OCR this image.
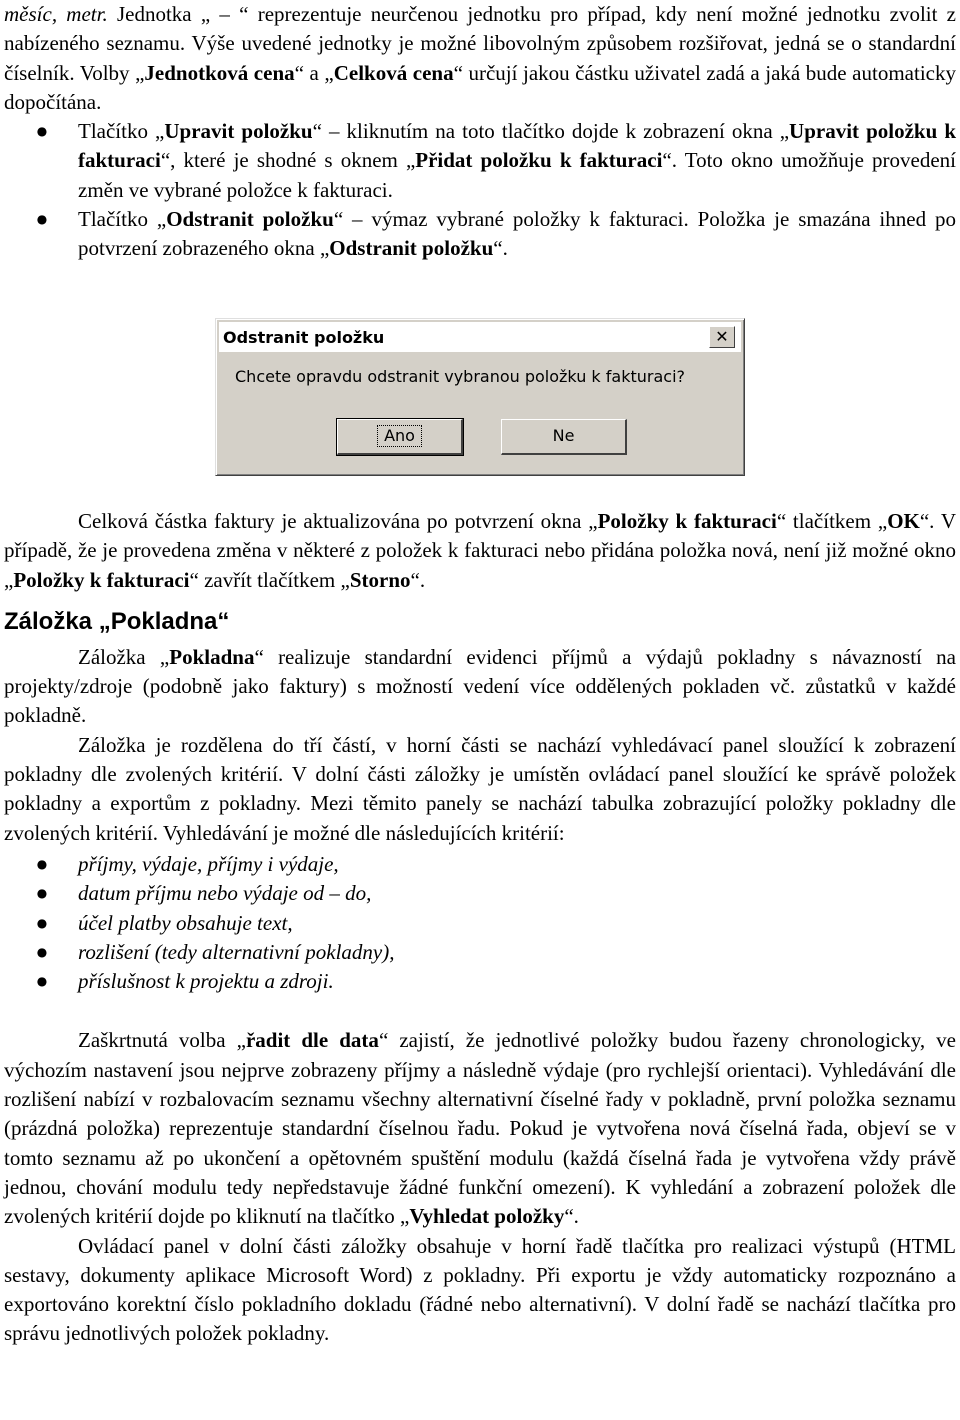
měsíc, metr. Jednotka „ – “ reprezentuje neurčenou jednotku pro případ, kdy není možné jednotku zvolit z nabízeného seznamu. Výše uvedené jednotky je možné libovolným způsobem rozšiřovat, jedná se o standardní číselník. Volby „Jednotková cena“ a „Celková cena“ určují jakou částku uživatel zadá a jaká bude automaticky dopočítána.

● Tlačítko „Upravit položku“ – kliknutím na toto tlačítko dojde k zobrazení okna „Upravit položku k fakturaci“, které je shodné s oknem „Přidat položku k fakturaci“. Toto okno umožňuje provedení změn ve vybrané položce k fakturaci.

● Tlačítko „Odstranit položku“ – výmaz vybrané položky k fakturaci. Položka je smazána ihned po potvrzení zobrazeného okna „Odstranit položku“.

Odstranit položku	✕
Chcete opravdu odstranit vybranou položku k fakturaci?
Ano	Ne

Celková částka faktury je aktualizována po potvrzení okna „Položky k fakturaci“ tlačítkem „OK“. V případě, že je provedena změna v některé z položek k fakturaci nebo přidána položka nová, není již možné okno „Položky k fakturaci“ zavřít tlačítkem „Storno“.

Záložka „Pokladna“

Záložka „Pokladna“ realizuje standardní evidenci příjmů a výdajů pokladny s návazností na projekty/zdroje (podobně jako faktury) s možností vedení více oddělených pokladen vč. zůstatků v každé pokladně.

Záložka je rozdělena do tří částí, v horní části se nachází vyhledávací panel sloužící k zobrazení pokladny dle zvolených kritérií. V dolní části záložky je umístěn ovládací panel sloužící ke správě položek pokladny a exportům z pokladny. Mezi těmito panely se nachází tabulka zobrazující položky pokladny dle zvolených kritérií. Vyhledávání je možné dle následujících kritérií:

● příjmy, výdaje, příjmy i výdaje,

● datum příjmu nebo výdaje od – do,

● účel platby obsahuje text,

● rozlišení (tedy alternativní pokladny),

● příslušnost k projektu a zdroji.

Zaškrtnutá volba „řadit dle data“ zajistí, že jednotlivé položky budou řazeny chronologicky, ve výchozím nastavení jsou nejprve zobrazeny příjmy a následně výdaje (pro rychlejší orientaci). Vyhledávání dle rozlišení nabízí v rozbalovacím seznamu všechny alternativní číselné řady v pokladně, první položka seznamu (prázdná položka) reprezentuje standardní číselnou řadu. Pokud je vytvořena nová číselná řada, objeví se v tomto seznamu až po ukončení a opětovném spuštění modulu (každá číselná řada je vytvořena vždy právě jednou, chování modulu tedy nepředstavuje žádné funkční omezení). K vyhledání a zobrazení položek dle zvolených kritérií dojde po kliknutí na tlačítko „Vyhledat položky“.

Ovládací panel v dolní části záložky obsahuje v horní řadě tlačítka pro realizaci výstupů (HTML sestavy, dokumenty aplikace Microsoft Word) z pokladny. Při exportu je vždy automaticky rozpoznáno a exportováno korektní číslo pokladního dokladu (řádné nebo alternativní). V dolní řadě se nachází tlačítka pro správu jednotlivých položek pokladny.
